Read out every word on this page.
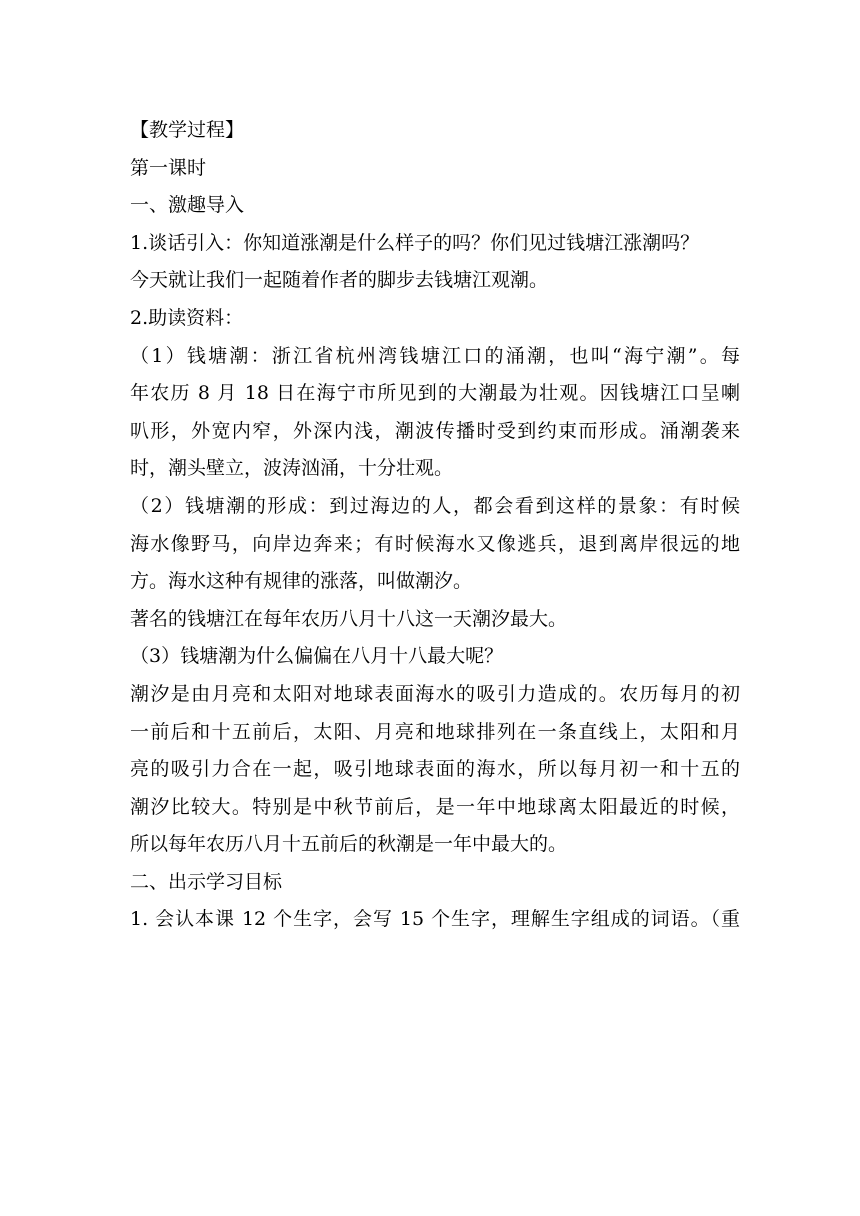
【教学过程】
第一课时
一、激趣导入
1.谈话引入：你知道涨潮是什么样子的吗？你们见过钱塘江涨潮吗？
今天就让我们一起随着作者的脚步去钱塘江观潮。
2.助读资料：
（1）钱塘潮：浙江省杭州湾钱塘江口的涌潮，也叫“海宁潮”。每
年农历 8 月 18 日在海宁市所见到的大潮最为壮观。因钱塘江口呈喇
叭形，外宽内窄，外深内浅，潮波传播时受到约束而形成。涌潮袭来
时，潮头壁立，波涛汹涌，十分壮观。
（2）钱塘潮的形成：到过海边的人，都会看到这样的景象：有时候
海水像野马，向岸边奔来；有时候海水又像逃兵，退到离岸很远的地
方。海水这种有规律的涨落，叫做潮汐。
著名的钱塘江在每年农历八月十八这一天潮汐最大。
（3）钱塘潮为什么偏偏在八月十八最大呢？
潮汐是由月亮和太阳对地球表面海水的吸引力造成的。农历每月的初
一前后和十五前后，太阳、月亮和地球排列在一条直线上，太阳和月
亮的吸引力合在一起，吸引地球表面的海水，所以每月初一和十五的
潮汐比较大。特别是中秋节前后，是一年中地球离太阳最近的时候，
所以每年农历八月十五前后的秋潮是一年中最大的。
二、出示学习目标
1. 会认本课 12 个生字，会写 15 个生字，理解生字组成的词语。（重
